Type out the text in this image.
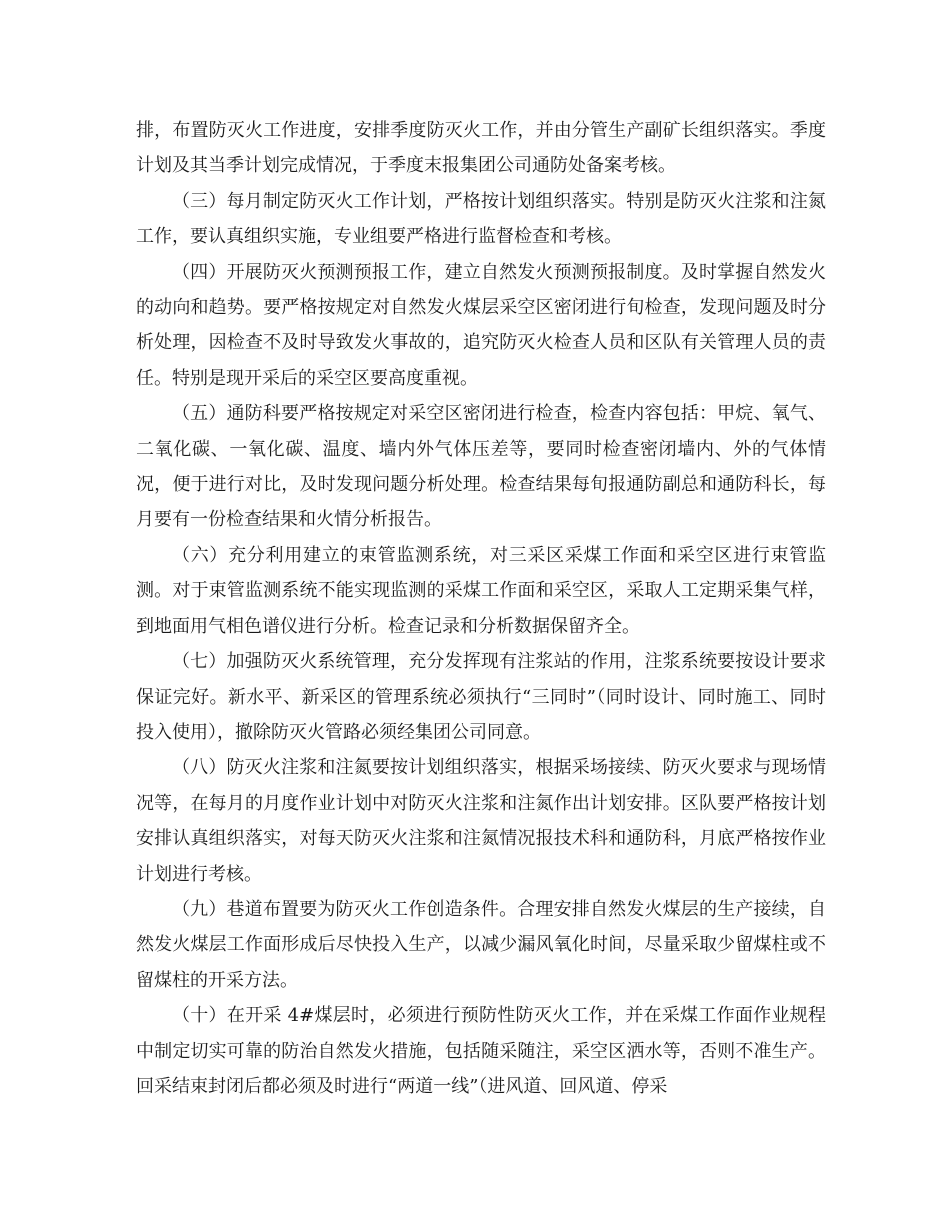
排，布置防灭火工作进度，安排季度防灭火工作，并由分管生产副矿长组织落实。季度计划及其当季计划完成情况，于季度末报集团公司通防处备案考核。

（三）每月制定防灭火工作计划，严格按计划组织落实。特别是防灭火注浆和注氮工作，要认真组织实施，专业组要严格进行监督检查和考核。

（四）开展防灭火预测预报工作，建立自然发火预测预报制度。及时掌握自然发火的动向和趋势。要严格按规定对自然发火煤层采空区密闭进行旬检查，发现问题及时分析处理，因检查不及时导致发火事故的，追究防灭火检查人员和区队有关管理人员的责任。特别是现开采后的采空区要高度重视。

（五）通防科要严格按规定对采空区密闭进行检查，检查内容包括：甲烷、氧气、二氧化碳、一氧化碳、温度、墙内外气体压差等，要同时检查密闭墙内、外的气体情况，便于进行对比，及时发现问题分析处理。检查结果每旬报通防副总和通防科长，每月要有一份检查结果和火情分析报告。

（六）充分利用建立的束管监测系统，对三采区采煤工作面和采空区进行束管监测。对于束管监测系统不能实现监测的采煤工作面和采空区，采取人工定期采集气样，到地面用气相色谱仪进行分析。检查记录和分析数据保留齐全。

（七）加强防灭火系统管理，充分发挥现有注浆站的作用，注浆系统要按设计要求保证完好。新水平、新采区的管理系统必须执行“三同时”（同时设计、同时施工、同时投入使用），撤除防灭火管路必须经集团公司同意。

（八）防灭火注浆和注氮要按计划组织落实，根据采场接续、防灭火要求与现场情况等，在每月的月度作业计划中对防灭火注浆和注氮作出计划安排。区队要严格按计划安排认真组织落实，对每天防灭火注浆和注氮情况报技术科和通防科，月底严格按作业计划进行考核。

（九）巷道布置要为防灭火工作创造条件。合理安排自然发火煤层的生产接续，自然发火煤层工作面形成后尽快投入生产，以减少漏风氧化时间，尽量采取少留煤柱或不留煤柱的开采方法。

（十）在开采 4#煤层时，必须进行预防性防灭火工作，并在采煤工作面作业规程中制定切实可靠的防治自然发火措施，包括随采随注，采空区洒水等，否则不准生产。回采结束封闭后都必须及时进行“两道一线”（进风道、回风道、停采
